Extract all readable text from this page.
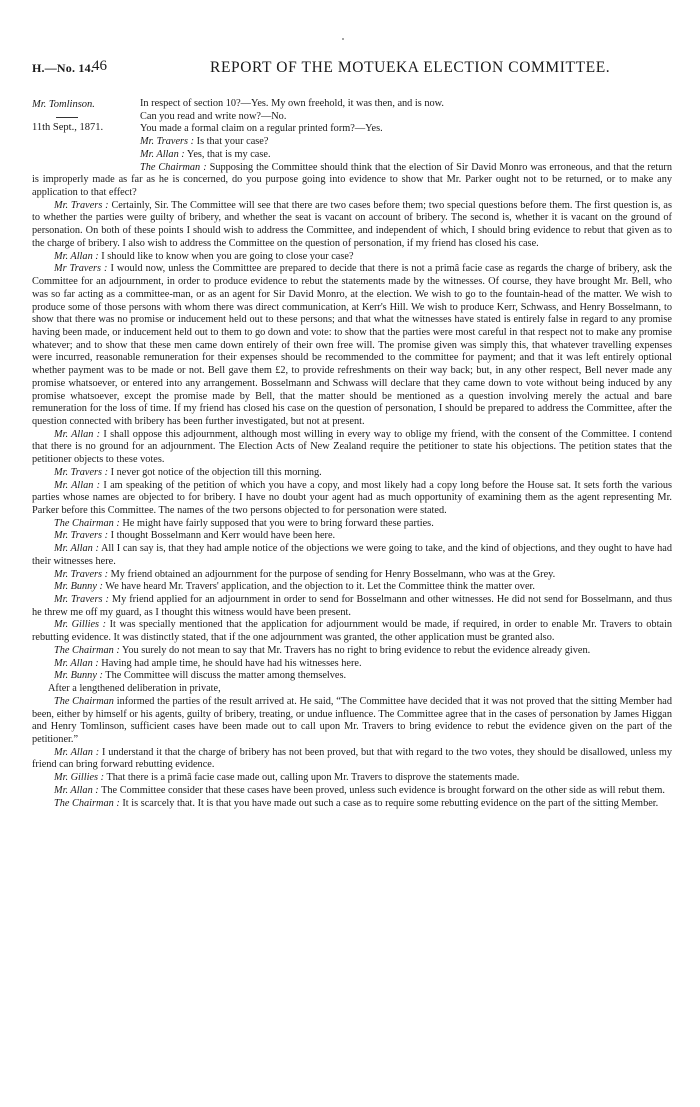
H.—No. 14.
46	REPORT OF THE MOTUEKA ELECTION COMMITTEE.
Mr. Tomlinson.
11th Sept., 1871.

In respect of section 10?—Yes. My own freehold, it was then, and is now.

Can you read and write now?—No.

You made a formal claim on a regular printed form?—Yes.

Mr. Travers : Is that your case?

Mr. Allan : Yes, that is my case.

The Chairman : Supposing the Committee should think that the election of Sir David Monro was erroneous, and that the return is improperly made as far as he is concerned, do you purpose going into evidence to show that Mr. Parker ought not to be returned, or to make any application to that effect?

Mr. Travers : Certainly, Sir. The Committee will see that there are two cases before them; two special questions before them. The first question is, as to whether the parties were guilty of bribery, and whether the seat is vacant on account of bribery. The second is, whether it is vacant on the ground of personation. On both of these points I should wish to address the Committee, and independent of which, I should bring evidence to rebut that given as to the charge of bribery. I also wish to address the Committee on the question of personation, if my friend has closed his case.

Mr. Allan : I should like to know when you are going to close your case?

Mr Travers : I would now, unless the Committtee are prepared to decide that there is not a primâ facie case as regards the charge of bribery, ask the Committee for an adjournment, in order to produce evidence to rebut the statements made by the witnesses. Of course, they have brought Mr. Bell, who was so far acting as a committee-man, or as an agent for Sir David Monro, at the election. We wish to go to the fountain-head of the matter. We wish to produce some of those persons with whom there was direct communication, at Kerr's Hill. We wish to produce Kerr, Schwass, and Henry Bosselmann, to show that there was no promise or inducement held out to these persons; and that what the witnesses have stated is entirely false in regard to any promise having been made, or inducement held out to them to go down and vote: to show that the parties were most careful in that respect not to make any promise whatever; and to show that these men came down entirely of their own free will. The promise given was simply this, that whatever travelling expenses were incurred, reasonable remuneration for their expenses should be recommended to the committee for payment; and that it was left entirely optional whether payment was to be made or not. Bell gave them £2, to provide refreshments on their way back; but, in any other respect, Bell never made any promise whatsoever, or entered into any arrangement. Bosselmann and Schwass will declare that they came down to vote without being induced by any promise whatsoever, except the promise made by Bell, that the matter should be mentioned as a question involving merely the actual and bare remuneration for the loss of time. If my friend has closed his case on the question of personation, I should be prepared to address the Committee, after the question connected with bribery has been further investigated, but not at present.

Mr. Allan : I shall oppose this adjournment, although most willing in every way to oblige my friend, with the consent of the Committee. I contend that there is no ground for an adjournment. The Election Acts of New Zealand require the petitioner to state his objections. The petition states that the petitioner objects to these votes.

Mr. Travers : I never got notice of the objection till this morning.

Mr. Allan : I am speaking of the petition of which you have a copy, and most likely had a copy long before the House sat. It sets forth the various parties whose names are objected to for bribery. I have no doubt your agent had as much opportunity of examining them as the agent representing Mr. Parker before this Committee. The names of the two persons objected to for personation were stated.

The Chairman : He might have fairly supposed that you were to bring forward these parties.

Mr. Travers : I thought Bosselmann and Kerr would have been here.

Mr. Allan : All I can say is, that they had ample notice of the objections we were going to take, and the kind of objections, and they ought to have had their witnesses here.

Mr. Travers : My friend obtained an adjournment for the purpose of sending for Henry Bosselmann, who was at the Grey.

Mr. Bunny : We have heard Mr. Travers' application, and the objection to it. Let the Committee think the matter over.

Mr. Travers : My friend applied for an adjournment in order to send for Bosselmann and other witnesses. He did not send for Bosselmann, and thus he threw me off my guard, as I thought this witness would have been present.

Mr. Gillies : It was specially mentioned that the application for adjournment would be made, if required, in order to enable Mr. Travers to obtain rebutting evidence. It was distinctly stated, that if the one adjournment was granted, the other application must be granted also.

The Chairman : You surely do not mean to say that Mr. Travers has no right to bring evidence to rebut the evidence already given.

Mr. Allan : Having had ample time, he should have had his witnesses here.

Mr. Bunny : The Committee will discuss the matter among themselves.

After a lengthened deliberation in private,

The Chairman informed the parties of the result arrived at. He said, “The Committee have decided that it was not proved that the sitting Member had been, either by himself or his agents, guilty of bribery, treating, or undue influence. The Committee agree that in the cases of personation by James Higgan and Henry Tomlinson, sufficient cases have been made out to call upon Mr. Travers to bring evidence to rebut the evidence given on the part of the petitioner.”

Mr. Allan : I understand it that the charge of bribery has not been proved, but that with regard to the two votes, they should be disallowed, unless my friend can bring forward rebutting evidence.

Mr. Gillies : That there is a primâ facie case made out, calling upon Mr. Travers to disprove the statements made.

Mr. Allan : The Committee consider that these cases have been proved, unless such evidence is brought forward on the other side as will rebut them.

The Chairman : It is scarcely that. It is that you have made out such a case as to require some rebutting evidence on the part of the sitting Member.
